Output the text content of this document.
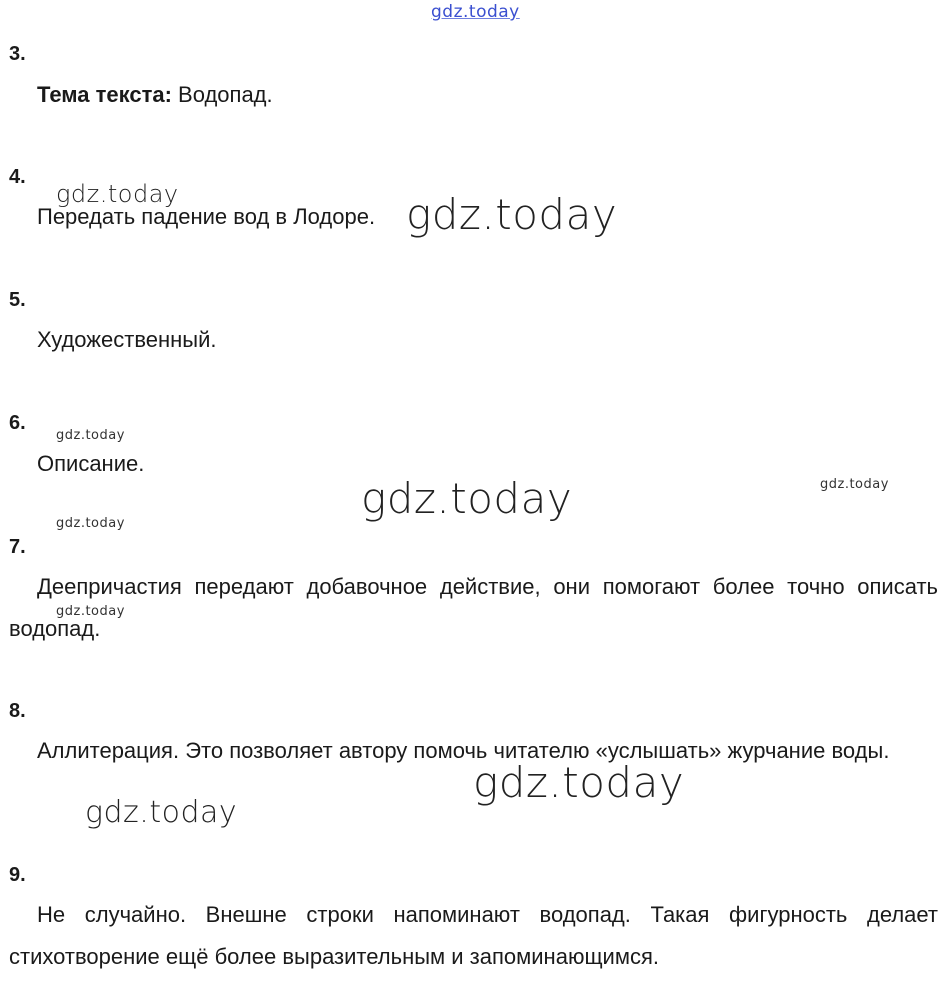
gdz.today
3.

Тема текста: Водопад.

4.

Передать падение вод в Лодоре.

5.

Художественный.

6.

Описание.

7.

Деепричастия передают добавочное действие, они помогают более точно описать водопад.

8.

Аллитерация. Это позволяет автору помочь читателю «услышать» журчание воды.

9.

Не случайно. Внешне строки напоминают водопад. Такая фигурность делает стихотворение ещё более выразительным и запоминающимся.

gdz.today	gdz.today
gdz.today
gdz.today
gdz.today
gdz.today
gdz.today
gdz.today
gdz.today
